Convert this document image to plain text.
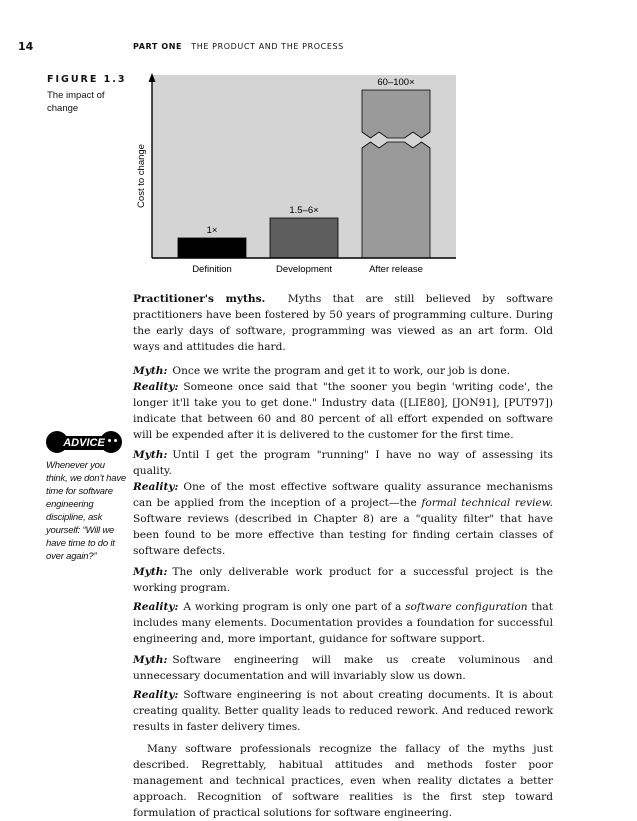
14	PART ONE THE PRODUCT AND THE PROCESS
FIGURE 1.3
The impact of change
1×
1.5–6×
60–100×
Cost to change
Definition	Development	After release
ADVICE
Whenever you think, we don’t have time for software engineering discipline, ask yourself: “Will we have time to do it over again?”

Practitioner's myths. Myths that are still believed by software practitioners have been fostered by 50 years of programming culture. During the early days of software, programming was viewed as an art form. Old ways and attitudes die hard.

Myth: Once we write the program and get it to work, our job is done.

Reality: Someone once said that "the sooner you begin 'writing code', the longer it'll take you to get done." Industry data ([LIE80], [JON91], [PUT97]) indicate that between 60 and 80 percent of all effort expended on software will be expended after it is delivered to the customer for the first time.

Myth: Until I get the program "running" I have no way of assessing its quality.

Reality: One of the most effective software quality assurance mechanisms can be applied from the inception of a project—the formal technical review. Software reviews (described in Chapter 8) are a "quality filter" that have been found to be more effective than testing for finding certain classes of software defects.

Myth: The only deliverable work product for a successful project is the working program.

Reality: A working program is only one part of a software configuration that includes many elements. Documentation provides a foundation for successful engineering and, more important, guidance for software support.

Myth: Software engineering will make us create voluminous and unnecessary documentation and will invariably slow us down.

Reality: Software engineering is not about creating documents. It is about creating quality. Better quality leads to reduced rework. And reduced rework results in faster delivery times.

Many software professionals recognize the fallacy of the myths just described. Regrettably, habitual attitudes and methods foster poor management and technical practices, even when reality dictates a better approach. Recognition of software realities is the first step toward formulation of practical solutions for software engineering.
